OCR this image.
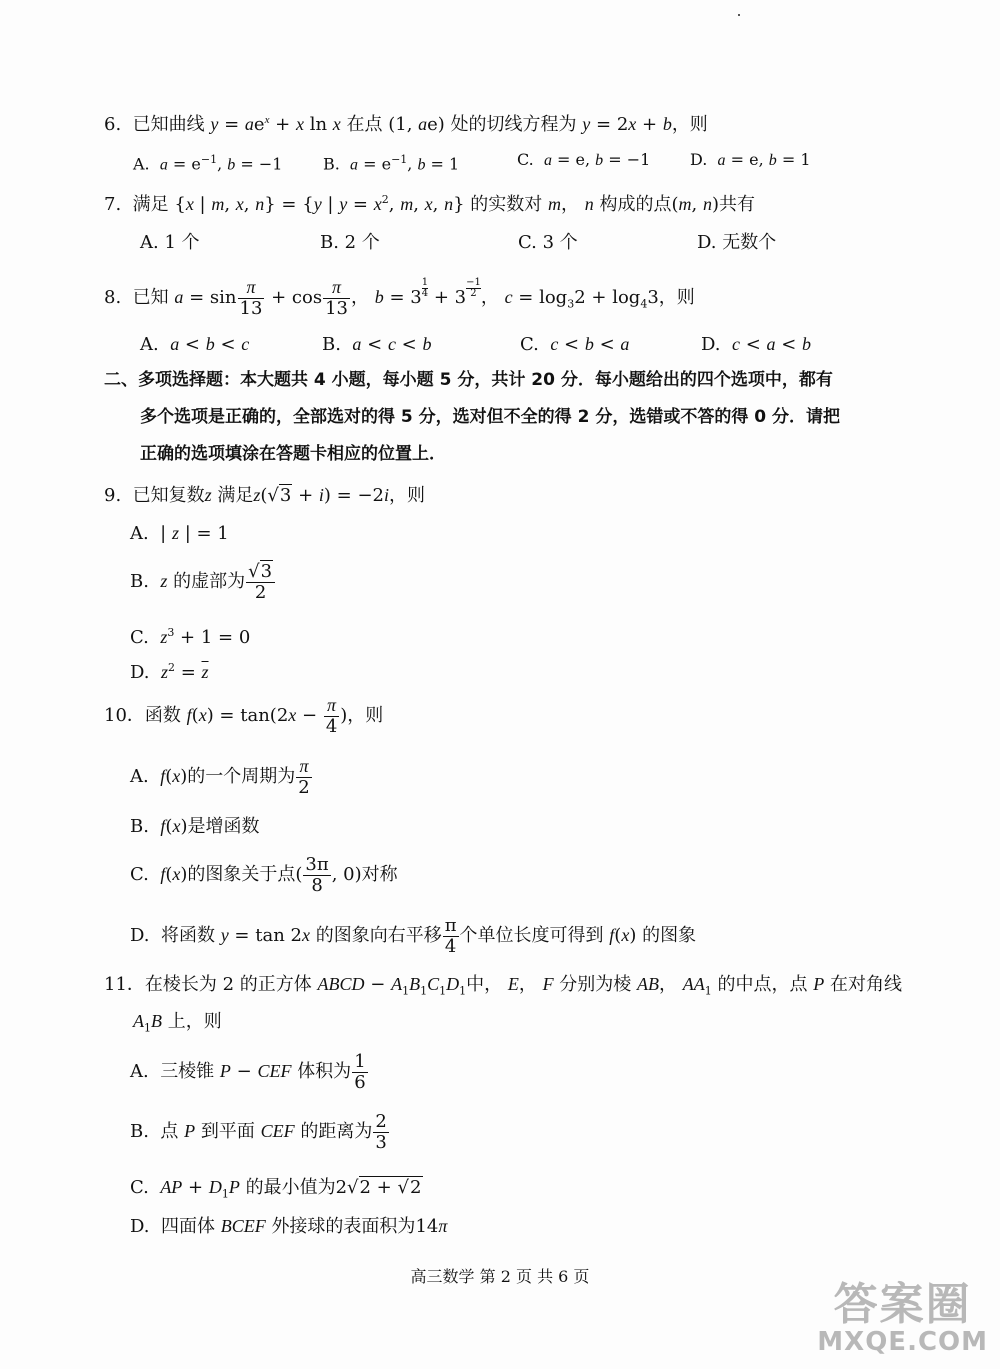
6. 已知曲线 $y = ae^x + x$ ln x 在点 (1, ae) 处的切线方程为 y = 2x + b，则
A. $a = e^{-1}$, b = −1	B. $a = e^{-1}$, b = 1	C. a = e, b = −1 D. a = e, b = 1
7. 满足 {x | m, x, n} = {y | $y = x^2$, m, x, n} 的实数对 m， n 构成的点(m, n)共有
A. 1 个	B. 2 个	C. 3 个	D. 无数个
8. 已知 $a = \sin \frac{\pi}{13} + \cos \frac{\pi}{13}$ ， $b = 3 \frac{1}{4} + 3 \frac{-1}{2}$ ， $c = \log_32 + \log_43$，则
A. a < b < c	B. a < c < b	C. c < b < a	D. c < a < b
二、多项选择题：本大题共 4 小题，每小题 5 分，共计 20 分．每小题给出的四个选项中，都有
多个选项是正确的，全部选对的得 5 分，选对但不全的得 2 分，选错或不答的得 0 分．请把
正确的选项填涂在答题卡相应的位置上．
9. 已知复数z 满足z(√3 + i) = −2i，则
A.  | z | = 1
B. z 的虚部为 $\frac{√3}{2}$
C. $z^3 + 1 = 0$
D. $z^2 = \overline{z}$
10．函数 $f(x) = \tan(2x - \frac{\pi}{4}$ )，则
A. f(x)的一个周期为 $\frac{\pi}{2}$
B. f(x)是增函数
C. f(x)的图象关于点( $\frac{3\pi}{8}$ , 0)对称
D. 将函数 y = tan 2x 的图象向右平移 $\frac{\pi}{4}$ 个单位长度可得到 f(x) 的图象
11．在棱长为 2 的正方体 ABCD − $A_1B_1C_1D_1$中， E， F 分别为棱 AB， $AA_1$ 的中点，点 P 在对角线
$A_1B$ 上，则
A. 三棱锥 P − CEF 体积为 $\frac{1}{6}$
B. 点 P 到平面 CEF 的距离为 $\frac{2}{3}$
C. AP + $D_1P$ 的最小值为2√2 + √2
D. 四面体 BCEF 外接球的表面积为14π
高三数学 第 2 页 共 6 页
答案圈
MXQE.COM
